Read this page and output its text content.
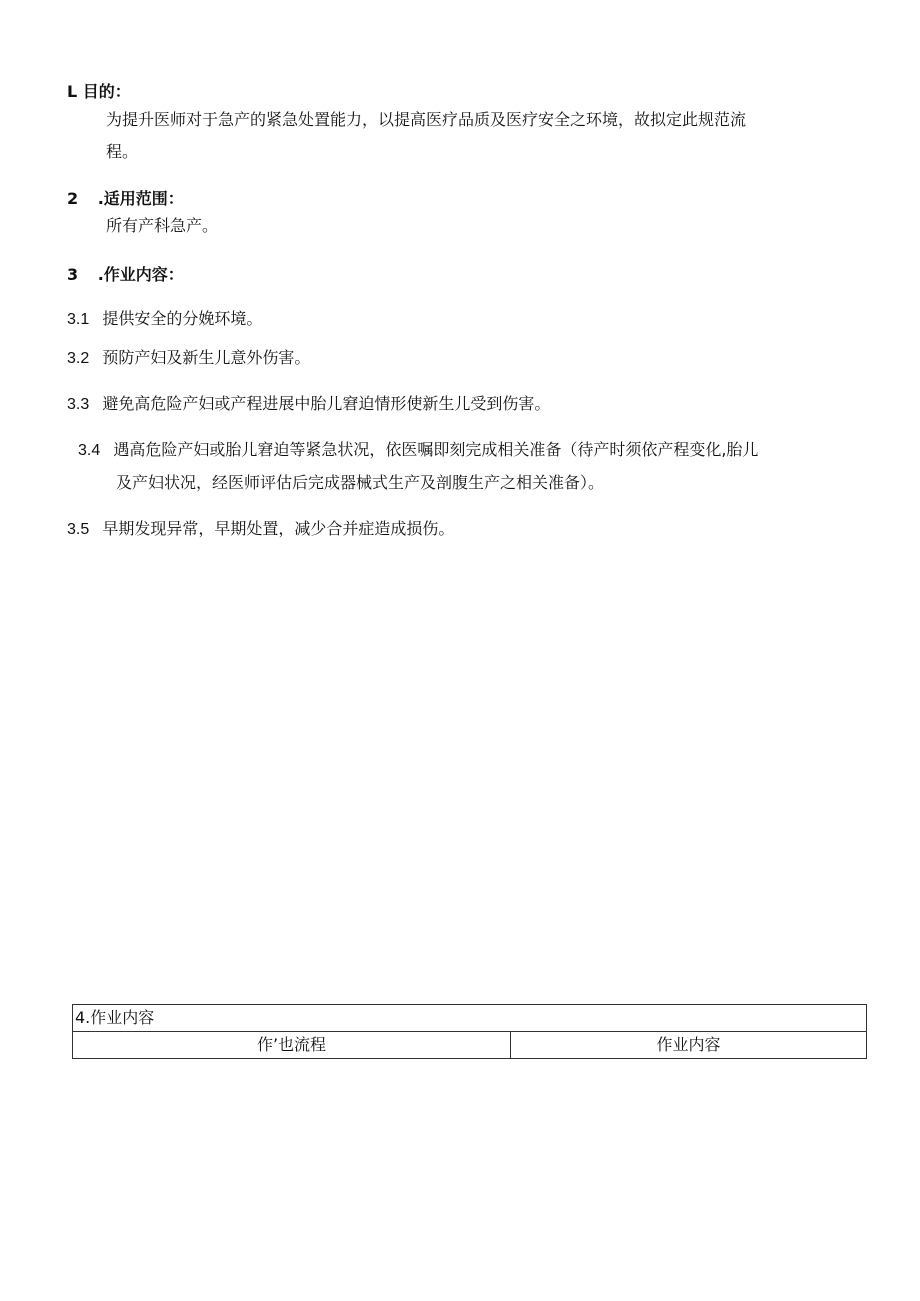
L 目的：
为提升医师对于急产的紧急处置能力，以提高医疗品质及医疗安全之环境，故拟定此规范流
程。
2 .适用范围：
所有产科急产。
3 .作业内容：
3.1 提供安全的分娩环境。
3.2 预防产妇及新生儿意外伤害。
3.3 避免高危险产妇或产程进展中胎儿窘迫情形使新生儿受到伤害。
3.4 遇高危险产妇或胎儿窘迫等紧急状况，依医嘱即刻完成相关准备（待产时须依产程变化,胎儿
及产妇状况，经医师评估后完成器械式生产及剖腹生产之相关准备）。
3.5 早期发现异常，早期处置，减少合并症造成损伤。
4.作业内容
作’也流程	作业内容
